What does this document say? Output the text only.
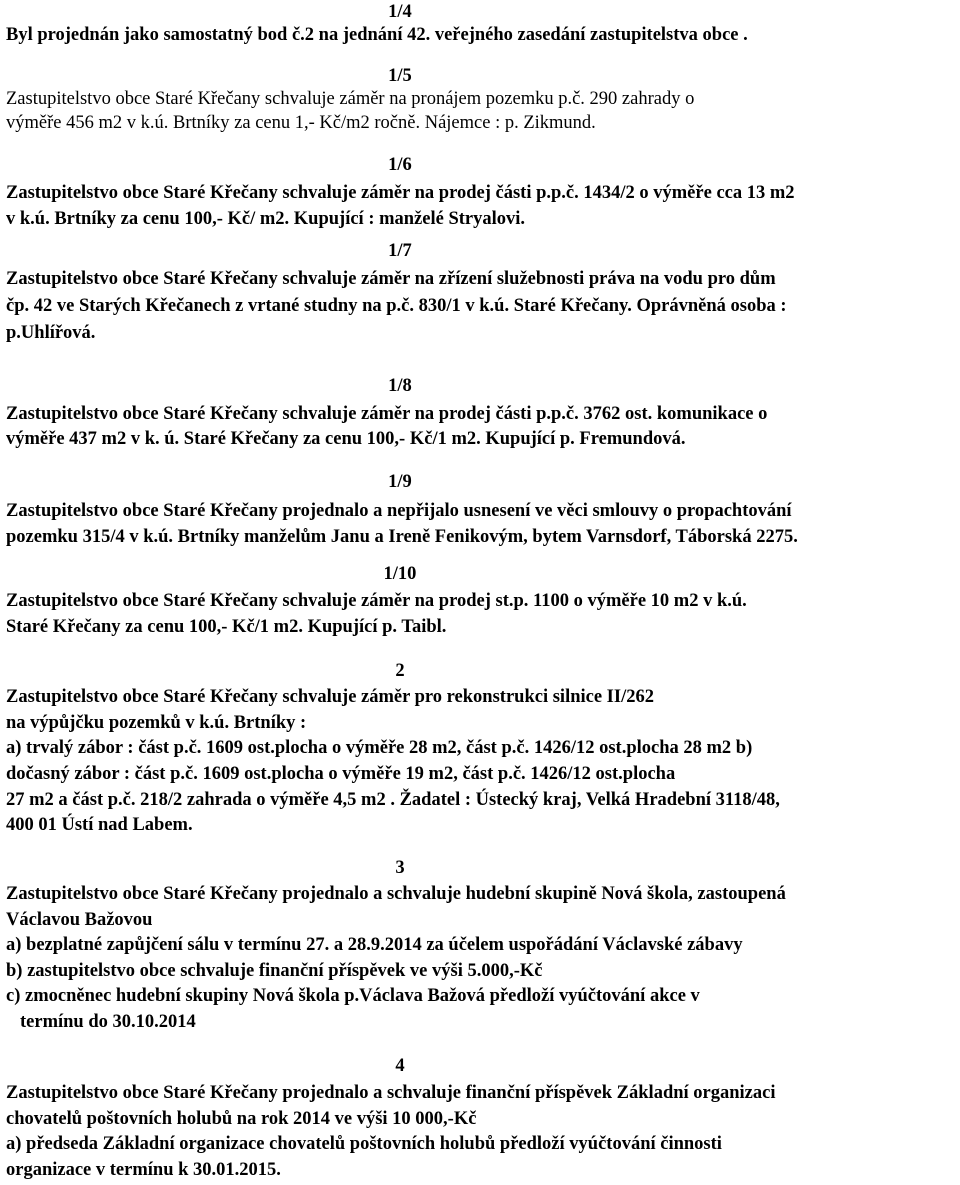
1/4
Byl projednán jako samostatný bod č.2 na jednání 42. veřejného zasedání zastupitelstva obce .
1/5
Zastupitelstvo obce Staré Křečany schvaluje záměr na pronájem pozemku p.č. 290 zahrady o
výměře 456 m2 v k.ú. Brtníky za cenu 1,- Kč/m2 ročně. Nájemce : p. Zikmund.
1/6
Zastupitelstvo obce Staré Křečany schvaluje záměr na prodej části p.p.č. 1434/2 o výměře cca 13 m2
v k.ú. Brtníky za cenu 100,- Kč/ m2. Kupující : manželé Stryalovi.
1/7
Zastupitelstvo obce Staré Křečany schvaluje záměr na zřízení služebnosti práva na vodu pro dům
čp. 42 ve Starých Křečanech z vrtané studny na p.č. 830/1 v k.ú. Staré Křečany. Oprávněná osoba :
p.Uhlířová.
1/8
Zastupitelstvo obce Staré Křečany schvaluje záměr na prodej části p.p.č. 3762 ost. komunikace o
výměře 437 m2 v k. ú. Staré Křečany za cenu 100,- Kč/1 m2. Kupující p. Fremundová.
1/9
Zastupitelstvo obce Staré Křečany projednalo a nepřijalo usnesení ve věci smlouvy o propachtování
pozemku 315/4 v k.ú. Brtníky manželům Janu a Ireně Fenikovým, bytem Varnsdorf, Táborská 2275.
1/10
Zastupitelstvo obce Staré Křečany schvaluje záměr na prodej st.p. 1100 o výměře 10 m2 v k.ú.
Staré Křečany za cenu 100,- Kč/1 m2. Kupující p. Taibl.
2
Zastupitelstvo obce Staré Křečany schvaluje záměr pro rekonstrukci silnice II/262
na výpůjčku pozemků v k.ú. Brtníky :
a) trvalý zábor : část p.č. 1609 ost.plocha o výměře 28 m2, část p.č. 1426/12 ost.plocha 28 m2 b)
dočasný zábor : část p.č. 1609 ost.plocha o výměře 19 m2, část p.č. 1426/12 ost.plocha
27 m2 a část p.č. 218/2 zahrada o výměře 4,5 m2 . Žadatel : Ústecký kraj, Velká Hradební 3118/48,
400 01 Ústí nad Labem.
3
Zastupitelstvo obce Staré Křečany projednalo a schvaluje hudební skupině Nová škola, zastoupená
Václavou Bažovou
a) bezplatné zapůjčení sálu v termínu 27. a 28.9.2014 za účelem uspořádání Václavské zábavy
b) zastupitelstvo obce schvaluje finanční příspěvek ve výši 5.000,-Kč
c) zmocněnec hudební skupiny Nová škola p.Václava Bažová předloží vyúčtování akce v
termínu do 30.10.2014
4
Zastupitelstvo obce Staré Křečany projednalo a schvaluje finanční příspěvek Základní organizaci
chovatelů poštovních holubů na rok 2014 ve výši 10 000,-Kč
a) předseda Základní organizace chovatelů poštovních holubů předloží vyúčtování činnosti
organizace v termínu k 30.01.2015.
